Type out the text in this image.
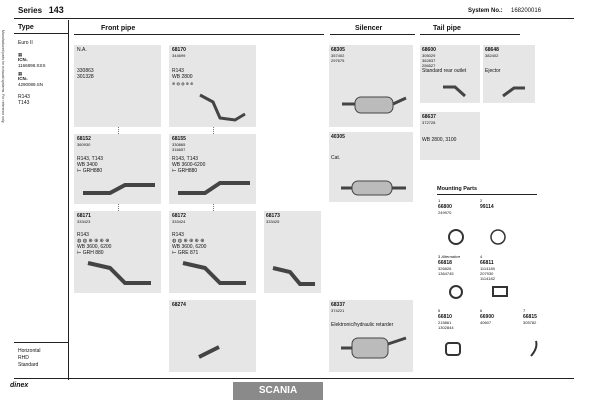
Series 143	System No.: 168200016
Manufactured parts for exhaust systems. For reference only.
Type
Euro II
▦
ICNo
1166898.SSS
▦
ICNo
4290089.SN
R143
T143
Horizontal
RHD
Standard
Front pipe	Silencer	Tail pipe
N.A.
330863
301328
68170
344699
R143
WB 2800
⊕ ◍ ◍ ⊕ ⊕
68305
357402
297675
68600
305029
362837
256527
Standard rear outlet
68648
382402
Ejector
68637
372728
WB 2800, 3100
68152
360930
R143, T143
WB 3400
⊢ GRH880
68155
330865
316657
R143, T143
WB 3600-6200
⊢ GRH880
40305
Cat.
68171
333423
R143
◍ ◍ ⊕ ⊕ ⊕ ⊕
WB 3600, 6200
⊢ GRH 880
68172
333424
R143
◍ ◍ ⊕ ⊕ ⊕ ⊕
WB 3600, 6200
⊢ GRE 871
68173
333425
Mounting Parts
1
66800
249970
2
99114
3 Alternative
66818
326826
1364745
4
66811
1114180
207930
1114182
5
66810
215861
1302844
6
66900
40607
7
66815
305782
68274	68337
374221
Elektronic/hydraulic retarder
dinex	SCANIA
